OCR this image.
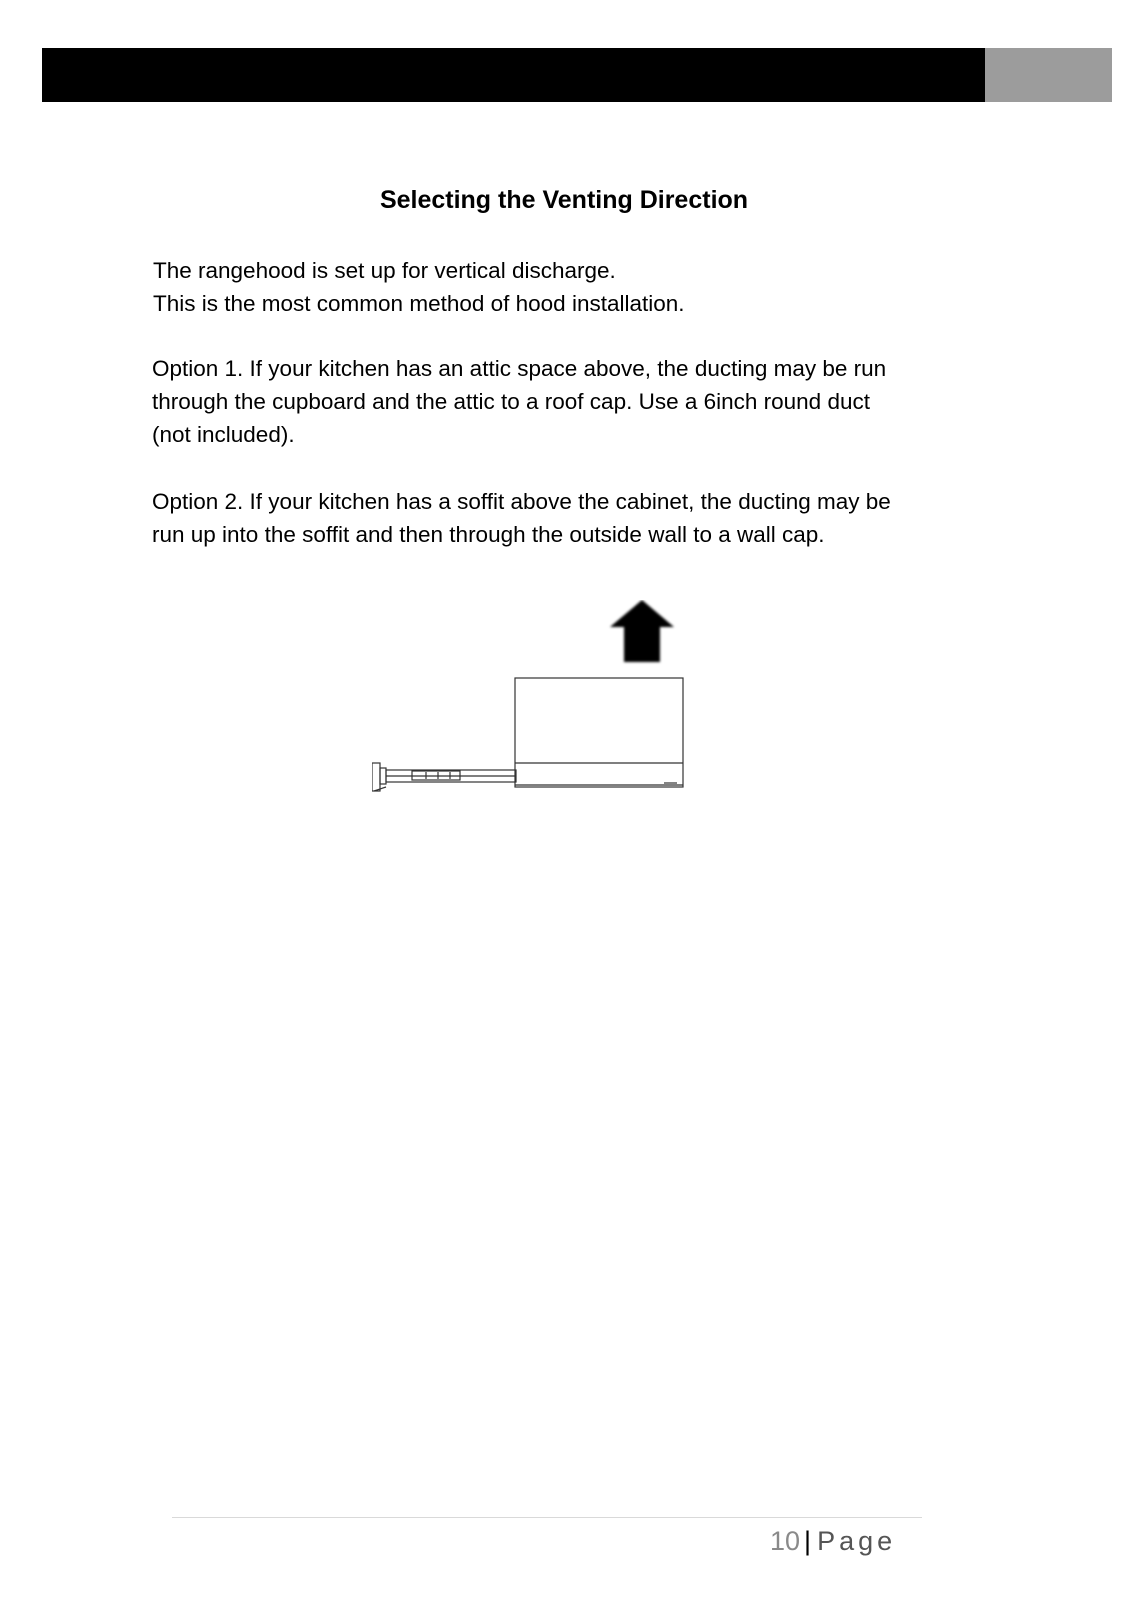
Selecting the Venting Direction
The rangehood is set up for vertical discharge.
This is the most common method of hood installation.
Option 1. If your kitchen has an attic space above, the ducting may be run
through the cupboard and the attic to a roof cap. Use a 6inch round duct
(not included).
Option 2. If your kitchen has a soffit above the cabinet, the ducting may be
run up into the soffit and then through the outside wall to a wall cap.
10 | Page
